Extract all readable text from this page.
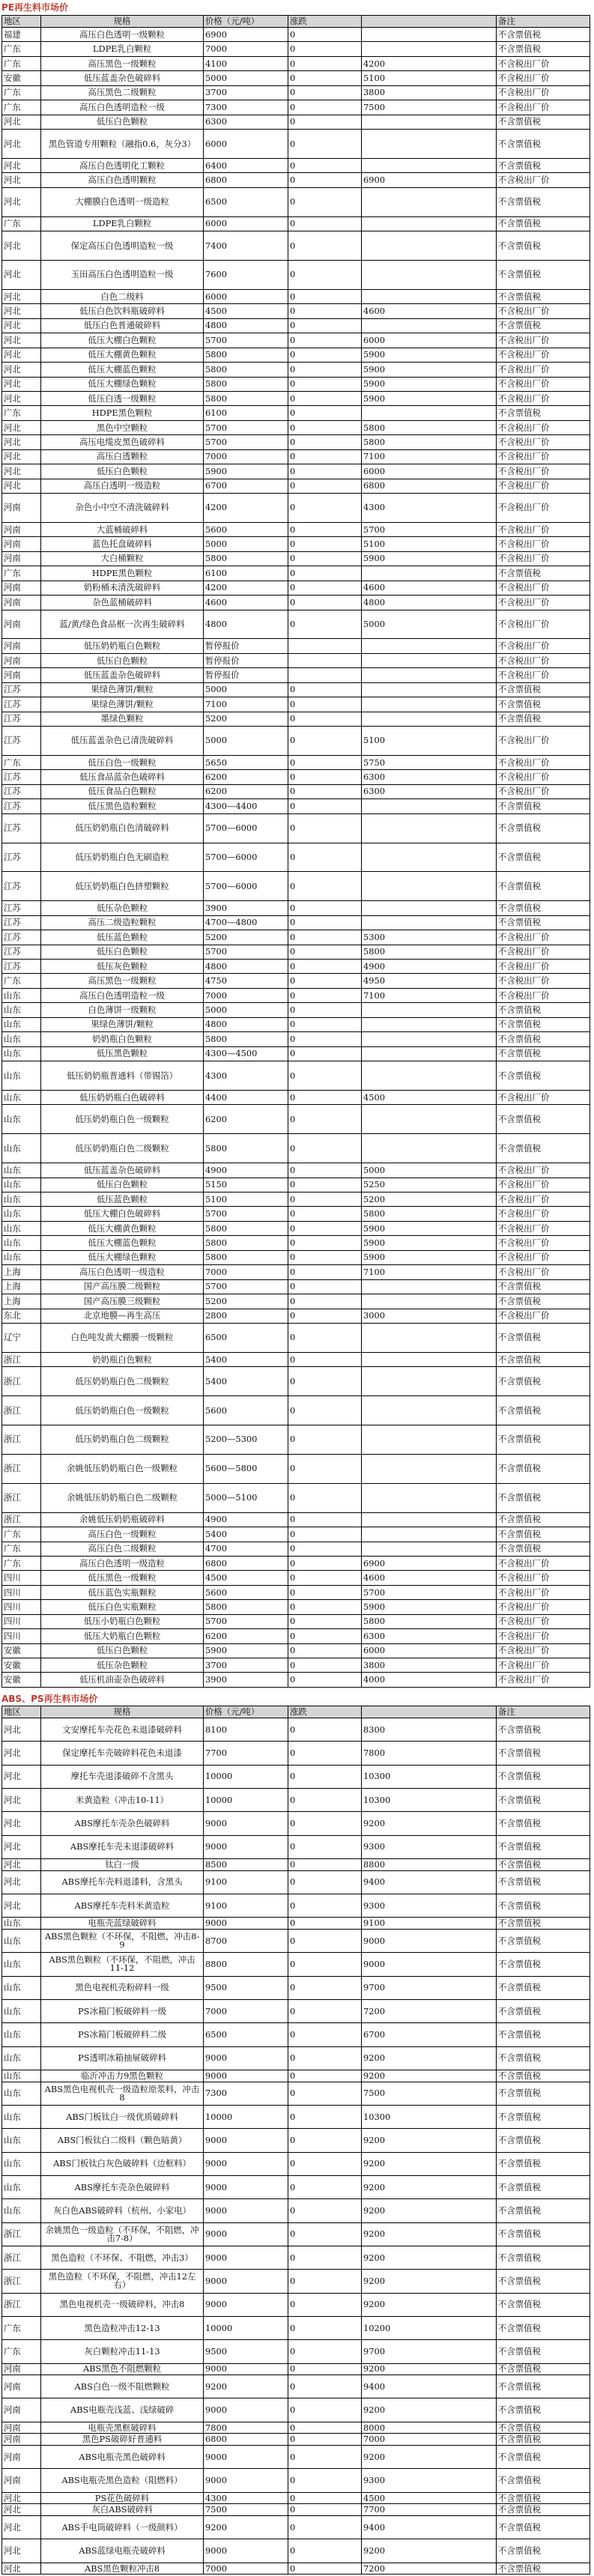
PE再生料市场价
地区	规格	价格（元/吨）	涨跌		备注
福建	高压白色透明一级颗粒	6900	0		不含票值税
广东	LDPE乳白颗粒	7000	0		不含票值税
广东	高压黑色一级颗粒	4100	0	4200	不含税出厂价
安徽	低压蓝盖杂色破碎料	5000	0	5100	不含税出厂价
广东	高压黑色二级颗粒	3700	0	3800	不含税出厂价
广东	高压白色透明造粒一级	7300	0	7500	不含税出厂价
河北	低压白色颗粒	6300	0		不含票值税
河北	黑色管道专用颗粒（融指0.6，灰分3）	6000	0		不含票值税
河北	高压白色透明化工颗粒	6400	0		不含票值税
河北	高压白色透明颗粒	6800	0	6900	不含税出厂价
河北	大棚膜白色透明一级造粒	6500	0		不含票值税
广东	LDPE乳白颗粒	6000	0		不含票值税
河北	保定高压白色透明造粒一级	7400	0		不含票值税
河北	玉田高压白色透明造粒一级	7600	0		不含票值税
河北	白色二级料	6000	0		不含票值税
河北	低压白色饮料瓶破碎料	4500	0	4600	不含税出厂价
河北	低压白色普通破碎料	4800	0		不含票值税
河北	低压大棚白色颗粒	5700	0	6000	不含税出厂价
河北	低压大棚黄色颗粒	5800	0	5900	不含税出厂价
河北	低压大棚蓝色颗粒	5800	0	5900	不含税出厂价
河北	低压大棚绿色颗粒	5800	0	5900	不含税出厂价
河北	低压白透一级颗粒	5800	0	5900	不含税出厂价
广东	HDPE黑色颗粒	6100	0		不含票值税
河北	黑色中空颗粒	5700	0	5800	不含税出厂价
河北	高压电缆皮黑色破碎料	5700	0	5800	不含税出厂价
河北	高压白透颗粒	7000	0	7100	不含税出厂价
河北	低压白色颗粒	5900	0	6000	不含税出厂价
河北	高压白透明一级造粒	6700	0	6800	不含税出厂价
河南	杂色小中空不清洗破碎料	4200	0	4300	不含税出厂价
河南	大蓝桶破碎料	5600	0	5700	不含税出厂价
河南	蓝色托盘破碎料	5000	0	5100	不含税出厂价
河南	大白桶颗粒	5800	0	5900	不含税出厂价
广东	HDPE黑色颗粒	6100	0		不含票值税
河南	奶粉桶未清洗破碎料	4200	0	4600	不含税出厂价
河南	杂色蓝桶破碎料	4600	0	4800	不含税出厂价
河南	蓝/黄/绿色食品框一次再生破碎料	4800	0	5000	不含税出厂价
河南	低压奶奶瓶白色颗粒	暂停报价			不含税出厂价
河南	低压白色颗粒	暂停报价			不含税出厂价
河南	低压蓝盖杂色破碎料	暂停报价			不含税出厂价
江苏	果绿色薄饼/颗粒	5000	0		不含票值税
江苏	果绿色薄饼/颗粒	7100	0		不含票值税
江苏	墨绿色颗粒	5200	0		不含票值税
江苏	低压蓝盖杂色已清洗破碎料	5000	0	5100	不含税出厂价
广东	低压白色一级颗粒	5650	0	5750	不含税出厂价
江苏	低压食品蓝杂色破碎料	6200	0	6300	不含税出厂价
江苏	低压食品白色颗粒	6200	0	6300	不含税出厂价
江苏	低压黑色造粒颗粒	4300—4400	0		不含票值税
江苏	低压奶奶瓶白色清破碎料	5700—6000	0		不含票值税
江苏	低压奶奶瓶白色无刷造粒	5700—6000	0		不含票值税
江苏	低压奶奶瓶白色挤塑颗粒	5700—6000	0		不含票值税
江苏	低压杂色颗粒	3900	0		不含票值税
江苏	高压二级造粒颗粒	4700—4800	0		不含票值税
江苏	低压蓝色颗粒	5200	0	5300	不含税出厂价
江苏	低压白色颗粒	5700	0	5800	不含税出厂价
江苏	低压灰色颗粒	4800	0	4900	不含税出厂价
广东	高压黑色一级颗粒	4750	0	4950	不含税出厂价
山东	高压白色透明造粒一级	7000	0	7100	不含税出厂价
山东	白色薄饼一级颗粒	5000	0		不含票值税
山东	果绿色薄饼/颗粒	4800	0		不含票值税
山东	奶奶瓶白色颗粒	5800	0		不含票值税
山东	低压黑色颗粒	4300—4500	0		不含票值税
山东	低压奶奶瓶普通料（带锡箔）	4300	0		不含票值税
山东	低压奶奶瓶白色破碎料	4400	0	4500	不含税出厂价
山东	低压奶奶瓶白色一级颗粒	6200	0		不含票值税
山东	低压奶奶瓶白色二级颗粒	5800	0		不含票值税
山东	低压蓝盖杂色破碎料	4900	0	5000	不含税出厂价
山东	低压白色颗粒	5150	0	5250	不含税出厂价
山东	低压蓝色颗粒	5100	0	5200	不含税出厂价
山东	低压大棚白色破碎料	5700	0	5800	不含税出厂价
山东	低压大棚黄色颗粒	5800	0	5900	不含税出厂价
山东	低压大棚蓝色颗粒	5800	0	5900	不含税出厂价
山东	低压大棚绿色颗粒	5800	0	5900	不含税出厂价
上海	高压白色透明一级造粒	7000	0	7100	不含税出厂价
上海	国产高压膜二级颗粒	5700	0		不含票值税
上海	国产高压膜三级颗粒	5200	0		不含票值税
东北	北京地膜—再生高压	2800	0	3000	不含税出厂价
辽宁	白色吨发黄大棚膜一级颗粒	6500	0		不含票值税
浙江	奶奶瓶白色颗粒	5400	0		不含票值税
浙江	低压奶奶瓶白色二级颗粒	5400	0		不含票值税
浙江	低压奶奶瓶白色一级颗粒	5600	0		不含票值税
浙江	低压奶奶瓶白色二级颗粒	5200—5300	0		不含票值税
浙江	余姚低压奶奶瓶白色一级颗粒	5600—5800	0		不含票值税
浙江	余姚低压奶奶瓶白色二级颗粒	5000—5100	0		不含票值税
浙江	余姚低压奶奶瓶破碎料	4900	0		不含票值税
广东	高压白色一级颗粒	5400	0		不含票值税
广东	高压白色二级颗粒	4700	0		不含票值税
广东	高压白色透明一级造粒	6800	0	6900	不含税出厂价
四川	低压黑色一级颗粒	4500	0	4600	不含税出厂价
四川	低压蓝色实瓶颗粒	5600	0	5700	不含税出厂价
四川	低压白色实瓶颗粒	5800	0	5900	不含税出厂价
四川	低压小奶瓶白色颗粒	5700	0	5800	不含税出厂价
四川	低压大奶瓶白色颗粒	6200	0	6300	不含税出厂价
安徽	低压白色颗粒	5900	0	6000	不含税出厂价
安徽	低压杂色颗粒	3700	0	3800	不含税出厂价
安徽	低压机油壶杂色破碎料	3900	0	4000	不含税出厂价
ABS、PS再生料市场价
地区	规格	价格（元/吨）	涨跌		备注
河北	文安摩托车壳花色未退漆破碎料	8100	0	8300	不含票值税
河北	保定摩托车壳破碎料花色未退漆	7700	0	7800	不含票值税
河北	摩托车壳退漆破碎不含黑头	10000	0	10300	不含票值税
河北	米黄造粒（冲击10-11）	10000	0	10300	不含票值税
河北	ABS摩托车壳杂色破碎料	9000	0	9200	不含票值税
河北	ABS摩托车壳未退漆破碎料	9000	0	9300	不含票值税
河北	钛白一级	8500	0	8800	不含票值税
河北	ABS摩托车壳料退漆料，含黑头	9100	0	9400	不含票值税
河北	ABS摩托车壳料米黄造粒	9100	0	9300	不含票值税
山东	电瓶壳蓝绿破碎料	9000	0	9100	不含票值税
山东	ABS黑色颗粒（不环保，不阻燃，冲击8-9	8700	0	9000	不含票值税
山东	ABS黑色颗粒（不环保，不阻燃，冲击11-12	8800	0	9000	不含票值税
山东	黑色电视机壳粉碎料一级	9500	0	9700	不含票值税
山东	PS冰箱门板破碎料一级	7000	0	7200	不含票值税
山东	PS冰箱门板破碎料二级	6500	0	6700	不含票值税
山东	PS透明冰箱抽屉破碎料	9000	0	9200	不含票值税
山东	临沂冲击力9黑色颗粒	9000	0	9200	不含票值税
山东	ABS黑色电视机壳一级造粒原浆料，冲击8	7300	0	7500	不含票值税
山东	ABS门板钛白一级优质破碎料	10000	0	10300	不含票值税
山东	ABS门板钛白二级料（颗色暗黄）	9000	0	9200	不含票值税
山东	ABS门板钛白灰色破碎料（边框料）	9000	0	9200	不含票值税
山东	ABS摩托车壳杂色破碎料	9000	0	9200	不含票值税
山东	灰白色ABS破碎料（杭州、小家电）	9000	0	9200	不含票值税
浙江	余姚黑色一级造粒（不环保，不阻燃，冲击7-8）	9000	0	9200	不含票值税
浙江	黑色造粒（不环保、不阻燃，冲击3）	9000	0	9200	不含票值税
浙江	黑色造粒（不环保、不阻燃，冲击12左右）	9000	0	9200	不含票值税
浙江	黑色电视机壳一级破碎料，冲击8	9000	0	9200	不含票值税
广东	黑色造粒冲击12-13	10000	0	10200	不含票值税
广东	灰白颗粒冲击11-13	9500	0	9700	不含票值税
河南	ABS黑色不阻燃颗粒	9000	0	9200	不含票值税
河南	ABS白色一级不阻燃颗粒	9200	0	9400	不含票值税
河南	ABS电瓶壳浅蓝、浅绿破碎	9000	0	9200	不含票值税
河南	电瓶壳黑框破碎料	7800	0	8000	不含票值税
河南	黑色PS破碎好普通料	6800	0	7000	不含票值税
河南	ABS电瓶壳黑色破碎料	9000	0	9200	不含票值税
河南	ABS电瓶壳黑色造粒（阻燃料）	9000	0	9300	不含票值税
河北	PS花色破碎料	4300	0	4500	不含票值税
河北	灰白ABS破碎料	7500	0	7700	不含票值税
河北	ABS手电筒破碎料（一级颜料）	9200	0	9400	不含票值税
河北	ABS蓝绿电瓶壳破碎料	9000	0	9200	不含票值税
河北	ABS黑色颗粒冲击8	7000	0	7200	不含票值税
